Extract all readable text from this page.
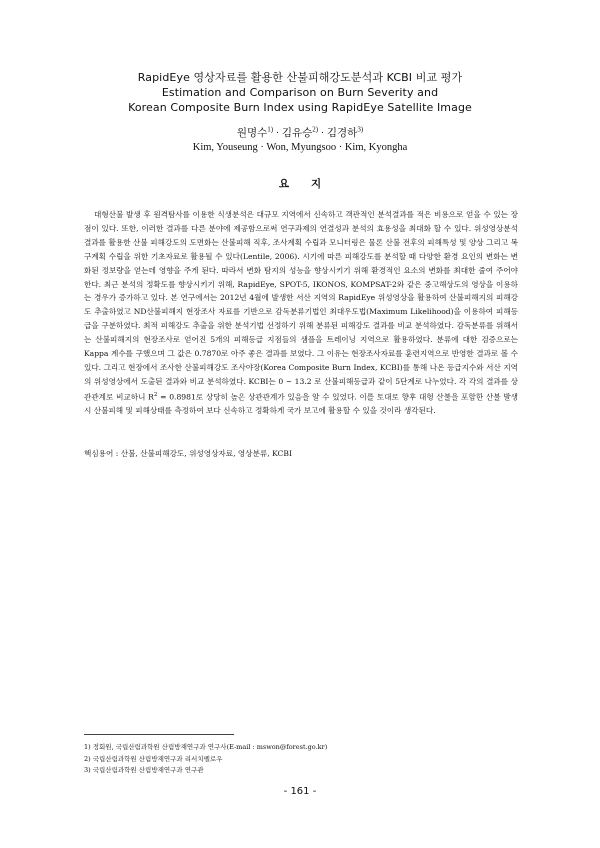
RapidEye 영상자료를 활용한 산불피해강도분석과 KCBI 비교 평가
Estimation and Comparison on Burn Severity and
Korean Composite Burn Index using RapidEye Satellite Image
원명수$^{1)}$ · 김유승$^{2)}$ · 김경하$^{3)}$
Kim, Youseung · Won, Myungsoo · Kim, Kyongha
요지

대형산불 발생 후 원격탐사를 이용한 식생분석은 대규모 지역에서 신속하고 객관적인 분석결과를 적은 비용으로 얻을 수 있는 장점이 있다. 또한, 이러한 결과를 다른 분야에 제공함으로써 연구과제의 연결성과 분석의 효용성을 최대화 할 수 있다. 위성영상분석결과를 활용한 산불 피해강도의 도면화는 산불피해 직후, 조사계획 수립과 모니터링은 물론 산불 전후의 피해특성 및 양상 그리고 복구계획 수립을 위한 기초자료로 활용될 수 있다(Lentile, 2006). 시기에 따른 피해강도를 분석할 때 다양한 환경 요인의 변화는 변화된 정보량을 얻는데 영향을 주게 된다. 따라서 변화 탐지의 성능을 향상시키기 위해 환경적인 요소의 변화를 최대한 줄여 주어야 한다. 최근 분석의 정확도를 향상시키기 위해, RapidEye, SPOT-5, IKONOS, KOMPSAT-2와 같은 중고해상도의 영상을 이용하는 경우가 증가하고 있다. 본 연구에서는 2012년 4월에 발생한 서산 지역의 RapidEye 위성영상을 활용하여 산불피해지의 피해강도 추출하였고 ND산불피해지 현장조사 자료를 기반으로 감독분류기법인 최대우도법(Maximum Likelihood)을 이용하여 피해등급을 구분하였다. 최적 피해강도 추출을 위한 분석기법 선정하기 위해 분류된 피해강도 결과를 비교 분석하였다. 감독분류를 위해서는 산불피해지의 현장조사로 얻어진 5개의 피해등급 지점들의 샘플을 트레이닝 지역으로 활용하였다. 분류에 대한 검증으로는 Kappa 계수를 구했으며 그 값은 0.7870로 아주 좋은 결과를 보였다. 그 이유는 현장조사자료를 훈련지역으로 반영한 결과로 볼 수 있다. 그리고 현장에서 조사한 산불피해강도 조사야장(Korea Composite Burn Index, KCBI)를 통해 나온 등급지수와 서산 지역의 위성영상에서 도출된 결과와 비교 분석하였다. KCBI는 0 ~ 13.2 로 산불피해등급과 같이 5단계로 나누었다. 각 각의 결과를 상관관계로 비교하니 $R^2 = 0.8981$로 상당히 높은 상관관계가 있음을 알 수 있었다. 이를 토대로 향후 대형 산불을 포함한 산불 발생 시 산불피해 및 피해상태를 측정하여 보다 신속하고 정확하게 국가 보고에 활용할 수 있을 것이라 생각된다.

핵심용어 : 산불, 산불피해강도, 위성영상자료, 영상분류, KCBI

1) 정회원, 국립산림과학원 산림방재연구과 연구사(E-mail : mswon@forest.go.kr)
2) 국립산림과학원 산림방재연구과 리서치펠로우
3) 국립산림과학원 산림방재연구과 연구관
- 161 -
